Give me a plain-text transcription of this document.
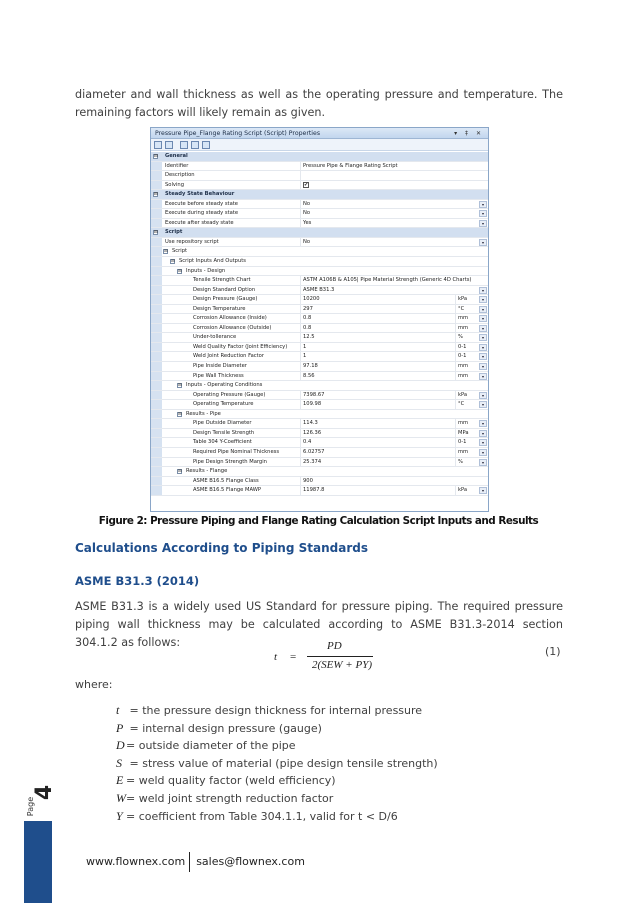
diameter and wall thickness as well as the operating pressure and temperature. The remaining factors will likely remain as given.

Pressure Pipe_Flange Rating Script (Script) Properties	▾ ‡ ✕
⊟ General
Identifier	Pressure Pipe & Flange Rating Script
Description
Solving	✔
⊟ Steady State Behaviour
Execute before steady state	No	▾
Execute during steady state	No	▾
Execute after steady state	Yes	▾
⊟ Script
Use repository script	No	▾
⊟ Script
⊟ Script Inputs And Outputs
⊟ Inputs - Design
Tensile Strength Chart	ASTM A106B & A105| Pipe Material Strength (Generic 4D Charts)
Design Standard Option	ASME B31.3	▾
Design Pressure (Gauge)	10200	kPa	▾
Design Temperature	297	°C	▾
Corrosion Allowance (Inside)	0.8	mm	▾
Corrosion Allowance (Outside)	0.8	mm	▾
Under-tollerance	12.5	%	▾
Weld Quality Factor (Joint Efficiency)	1	0-1	▾
Weld Joint Reduction Factor	1	0-1	▾
Pipe Inside Diameter	97.18	mm	▾
Pipe Wall Thickness	8.56	mm	▾
⊟ Inputs - Operating Conditions
Operating Pressure (Gauge)	7398.67	kPa	▾
Operating Temperature	109.98	°C	▾
⊟ Results - Pipe
Pipe Outside Diameter	114.3	mm	▾
Design Tensile Strength	126.36	MPa	▾
Table 304 Y-Coefficient	0.4	0-1	▾
Required Pipe Nominal Thickness	6.02757	mm	▾
Pipe Design Strength Margin	25.374	%	▾
⊟ Results - Flange
ASME B16.5 Flange Class	900
ASME B16.5 Flange MAWP	11987.8	kPa	▾

Figure 2: Pressure Piping and Flange Rating Calculation Script Inputs and Results

Calculations According to Piping Standards
ASME B31.3 (2014)

ASME B31.3 is a widely used US Standard for pressure piping. The required pressure piping wall thickness may be calculated according to ASME B31.3-2014 section 304.1.2 as follows:

t =
PD
2(SEW + PY)
(1)

where:

t = the pressure design thickness for internal pressure
P = internal design pressure (gauge)
D= outside diameter of the pipe
S = stress value of material (pipe design tensile strength)
E = weld quality factor (weld efficiency)
W= weld joint strength reduction factor
Y = coefficient from Table 304.1.1, valid for t < D/6
Page
4
www.flownex.com sales@flownex.com
